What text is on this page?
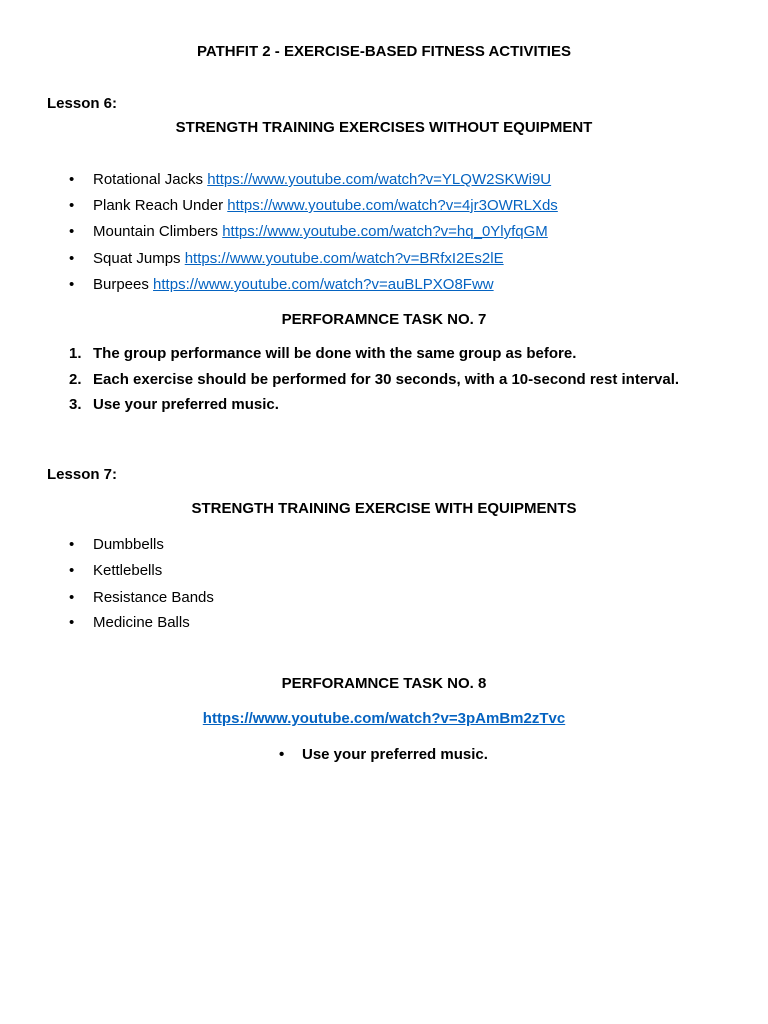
PATHFIT 2 - EXERCISE-BASED FITNESS ACTIVITIES
Lesson 6:
STRENGTH TRAINING EXERCISES WITHOUT EQUIPMENT
• Rotational Jacks https://www.youtube.com/watch?v=YLQW2SKWi9U
• Plank Reach Under https://www.youtube.com/watch?v=4jr3OWRLXds
• Mountain Climbers https://www.youtube.com/watch?v=hq_0YlyfqGM
• Squat Jumps https://www.youtube.com/watch?v=BRfxI2Es2lE
• Burpees https://www.youtube.com/watch?v=auBLPXO8Fww
PERFORAMNCE TASK NO. 7
1. The group performance will be done with the same group as before.
2. Each exercise should be performed for 30 seconds, with a 10-second rest interval.
3. Use your preferred music.
Lesson 7:
STRENGTH TRAINING EXERCISE WITH EQUIPMENTS
• Dumbbells
• Kettlebells
• Resistance Bands
• Medicine Balls
PERFORAMNCE TASK NO. 8
https://www.youtube.com/watch?v=3pAmBm2zTvc
• Use your preferred music.
